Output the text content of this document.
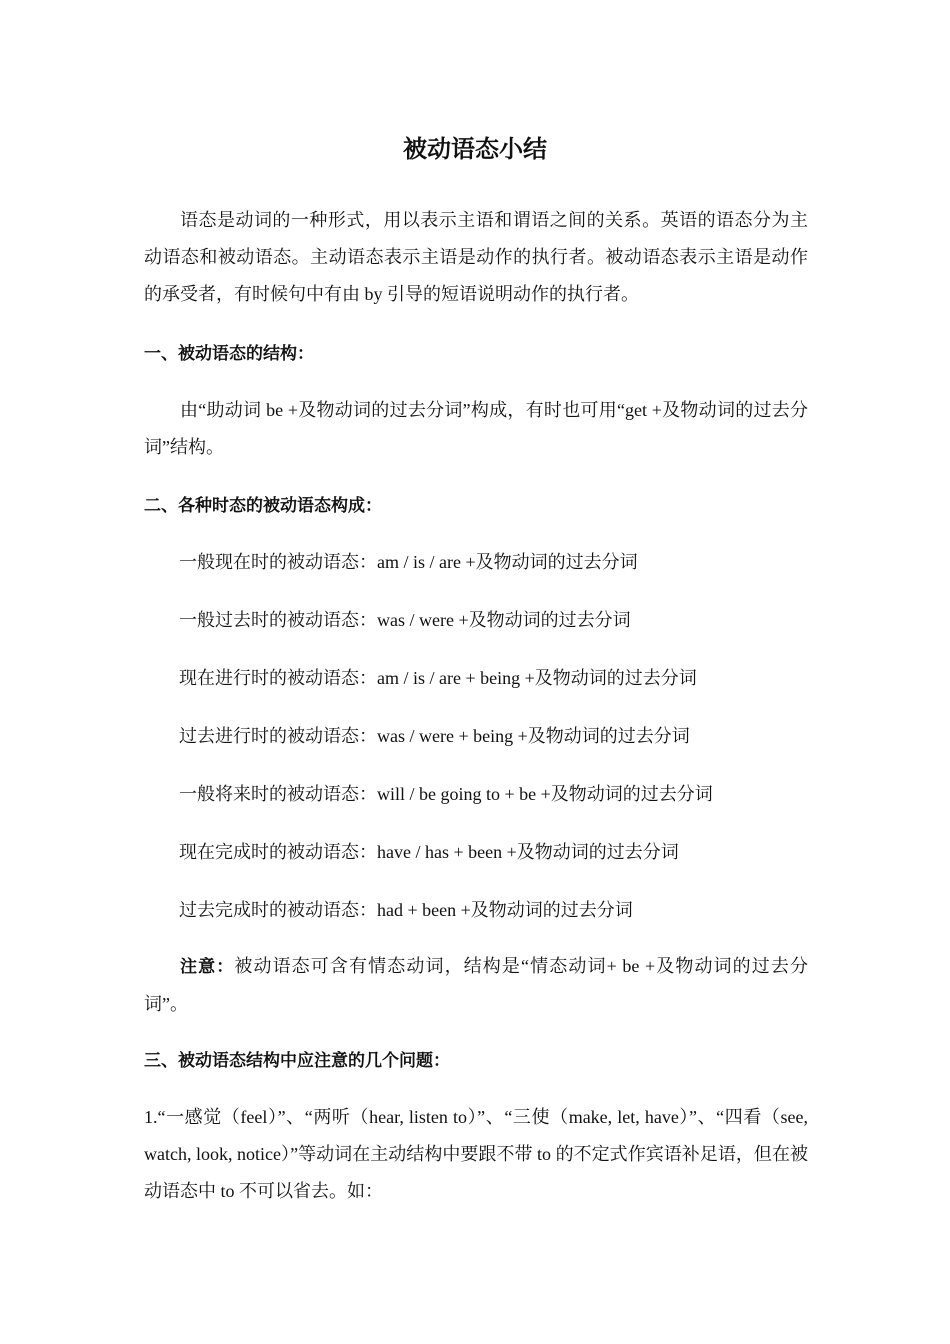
被动语态小结
语态是动词的一种形式，用以表示主语和谓语之间的关系。英语的语态分为主动语态和被动语态。主动语态表示主语是动作的执行者。被动语态表示主语是动作的承受者，有时候句中有由 by 引导的短语说明动作的执行者。
一、被动语态的结构：
由“助动词 be +及物动词的过去分词”构成，有时也可用“get +及物动词的过去分词”结构。
二、各种时态的被动语态构成：
一般现在时的被动语态：am / is / are +及物动词的过去分词
一般过去时的被动语态：was / were +及物动词的过去分词
现在进行时的被动语态：am / is / are + being +及物动词的过去分词
过去进行时的被动语态：was / were + being +及物动词的过去分词
一般将来时的被动语态：will / be going to + be +及物动词的过去分词
现在完成时的被动语态：have / has + been +及物动词的过去分词
过去完成时的被动语态：had + been +及物动词的过去分词
注意：被动语态可含有情态动词，结构是“情态动词+ be +及物动词的过去分词”。
三、被动语态结构中应注意的几个问题：
1.“一感觉（feel）”、“两听（hear, listen to）”、“三使（make, let, have）”、“四看（see, watch, look, notice）”等动词在主动结构中要跟不带 to 的不定式作宾语补足语，但在被动语态中 to 不可以省去。如：
